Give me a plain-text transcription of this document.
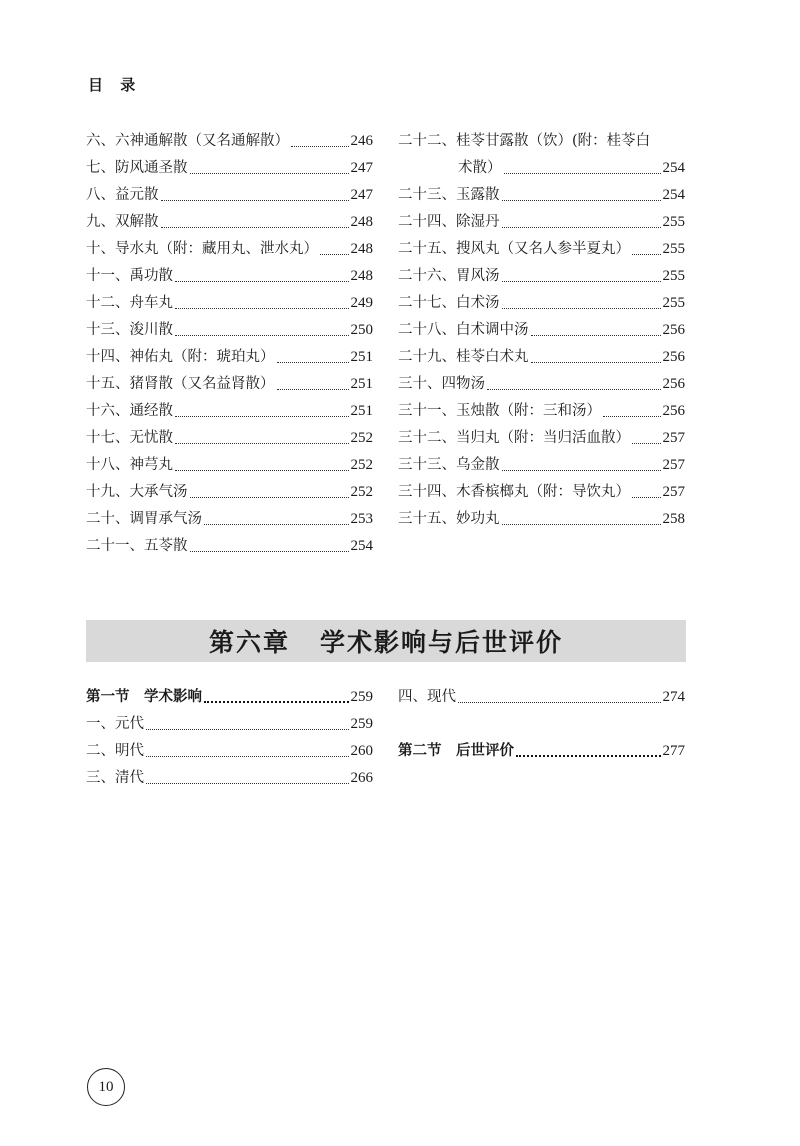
目 录
六、六神通解散（又名通解散）	246
七、防风通圣散	247
八、益元散	247
九、双解散	248
十、导水丸（附：藏用丸、泄水丸） 248
十一、禹功散	248
十二、舟车丸	249
十三、浚川散	250
十四、神佑丸（附：琥珀丸）	251
十五、猪肾散（又名益肾散）	251
十六、通经散	251
十七、无忧散	252
十八、神芎丸	252
十九、大承气汤	252
二十、调胃承气汤	253
二十一、五苓散	254
二十二、桂苓甘露散（饮）(附：桂苓白
术散）	254
二十三、玉露散	254
二十四、除湿丹	255
二十五、搜风丸（又名人参半夏丸） 255
二十六、胃风汤	255
二十七、白术汤	255
二十八、白术调中汤	256
二十九、桂苓白术丸	256
三十、四物汤	256
三十一、玉烛散（附：三和汤）	256
三十二、当归丸（附：当归活血散） 257
三十三、乌金散	257
三十四、木香槟榔丸（附：导饮丸） 257
三十五、妙功丸	258
第六章 学术影响与后世评价
第一节　学术影响	259
一、元代	259
二、明代	260
三、清代	266
四、现代	274
第二节　后世评价	277
10
